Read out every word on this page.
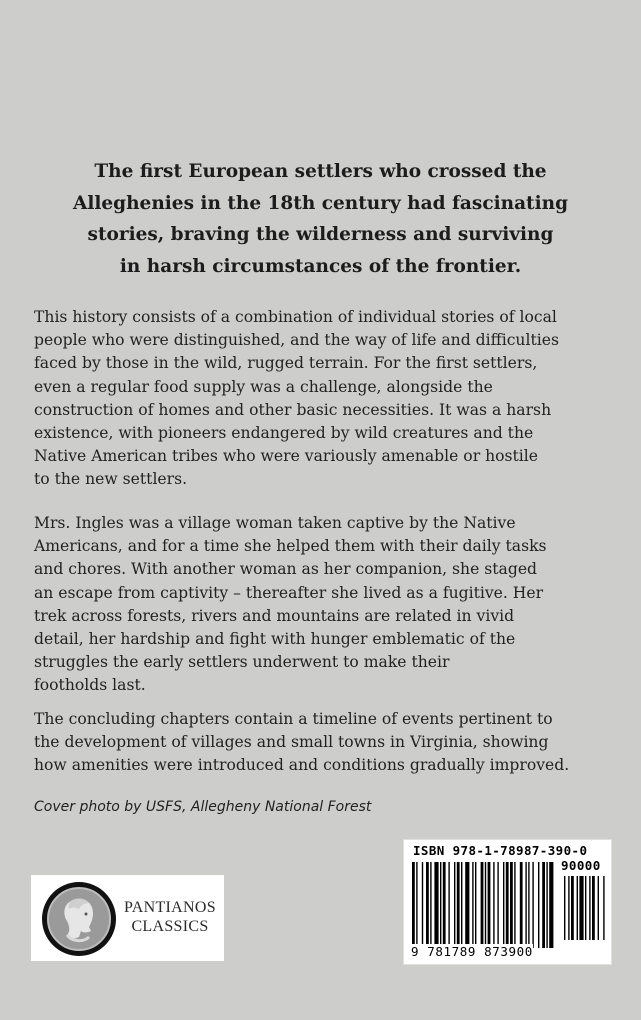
The first European settlers who crossed the
Alleghenies in the 18th century had fascinating
stories, braving the wilderness and surviving
in harsh circumstances of the frontier.
This history consists of a combination of individual stories of local
people who were distinguished, and the way of life and difficulties
faced by those in the wild, rugged terrain. For the first settlers,
even a regular food supply was a challenge, alongside the
construction of homes and other basic necessities. It was a harsh
existence, with pioneers endangered by wild creatures and the
Native American tribes who were variously amenable or hostile
to the new settlers.
Mrs. Ingles was a village woman taken captive by the Native
Americans, and for a time she helped them with their daily tasks
and chores. With another woman as her companion, she staged
an escape from captivity – thereafter she lived as a fugitive. Her
trek across forests, rivers and mountains are related in vivid
detail, her hardship and fight with hunger emblematic of the
struggles the early settlers underwent to make their
footholds last.
The concluding chapters contain a timeline of events pertinent to
the development of villages and small towns in Virginia, showing
how amenities were introduced and conditions gradually improved.
Cover photo by USFS, Allegheny National Forest
PANTIANOS
CLASSICS
ISBN 978-1-78987-390-0
90000
9 781789 873900
